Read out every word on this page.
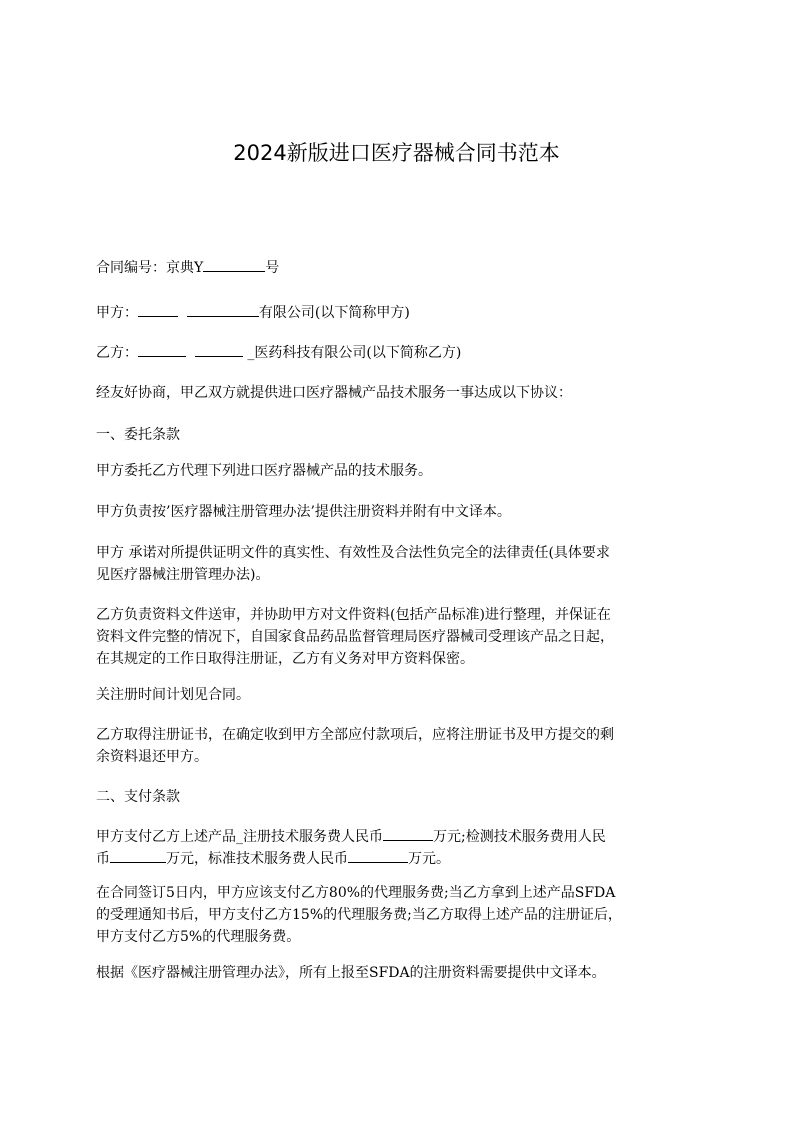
2024新版进口医疗器械合同书范本
合同编号：京典Y	号
甲方：	有限公司(以下简称甲方)
乙方：	_医药科技有限公司(以下简称乙方)
经友好协商，甲乙双方就提供进口医疗器械产品技术服务一事达成以下协议：
一、委托条款
甲方委托乙方代理下列进口医疗器械产品的技术服务。
甲方负责按’医疗器械注册管理办法’提供注册资料并附有中文译本。
甲方 承诺对所提供证明文件的真实性、有效性及合法性负完全的法律责任(具体要求
见医疗器械注册管理办法)。
乙方负责资料文件送审，并协助甲方对文件资料(包括产品标准)进行整理，并保证在
资料文件完整的情况下，自国家食品药品监督管理局医疗器械司受理该产品之日起，
在其规定的工作日取得注册证，乙方有义务对甲方资料保密。
关注册时间计划见合同。
乙方取得注册证书，在确定收到甲方全部应付款项后，应将注册证书及甲方提交的剩
余资料退还甲方。
二、支付条款
甲方支付乙方上述产品_注册技术服务费人民币	万元;检测技术服务费用人民
币	万元，标准技术服务费人民币	万元。
在合同签订5日内，甲方应该支付乙方80%的代理服务费;当乙方拿到上述产品SFDA
的受理通知书后，甲方支付乙方15%的代理服务费;当乙方取得上述产品的注册证后，
甲方支付乙方5%的代理服务费。
根据《医疗器械注册管理办法》，所有上报至SFDA的注册资料需要提供中文译本。
